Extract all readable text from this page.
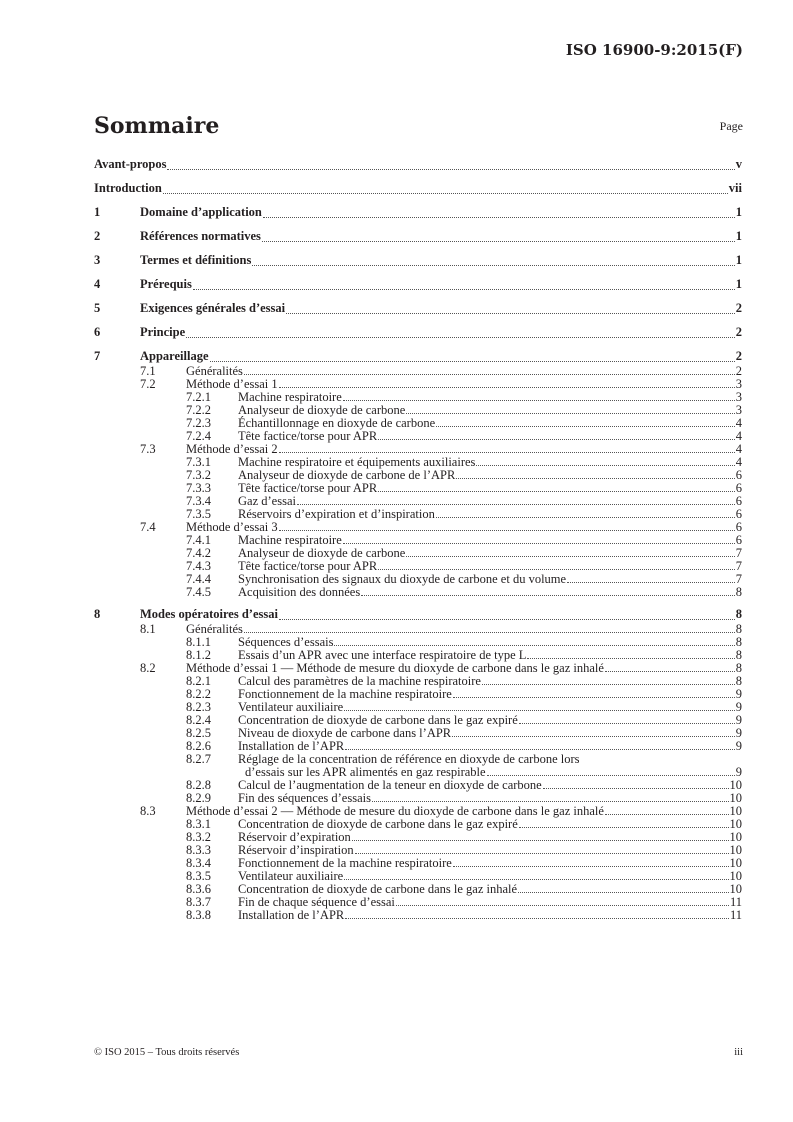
ISO 16900-9:2015(F)
Sommaire	Page
Avant-propos	v
Introduction	vii
1	Domaine d’application	1
2	Références normatives	1
3	Termes et définitions	1
4	Prérequis	1
5	Exigences générales d’essai	2
6	Principe	2
7	Appareillage	2
7.1 Généralités	2
7.2 Méthode d’essai 1	3
7.2.1 Machine respiratoire	3
7.2.2 Analyseur de dioxyde de carbone	3
7.2.3 Échantillonnage en dioxyde de carbone	4
7.2.4 Tête factice/torse pour APR	4
7.3 Méthode d’essai 2	4
7.3.1 Machine respiratoire et équipements auxiliaires	4
7.3.2 Analyseur de dioxyde de carbone de l’APR	6
7.3.3 Tête factice/torse pour APR	6
7.3.4 Gaz d’essai	6
7.3.5 Réservoirs d’expiration et d’inspiration	6
7.4 Méthode d’essai 3	6
7.4.1 Machine respiratoire	6
7.4.2 Analyseur de dioxyde de carbone	7
7.4.3 Tête factice/torse pour APR	7
7.4.4 Synchronisation des signaux du dioxyde de carbone et du volume	7
7.4.5 Acquisition des données	8
8	Modes opératoires d’essai	8
8.1 Généralités	8
8.1.1 Séquences d’essais	8
8.1.2 Essais d’un APR avec une interface respiratoire de type L	8
8.2 Méthode d’essai 1 — Méthode de mesure du dioxyde de carbone dans le gaz inhalé	8
8.2.1 Calcul des paramètres de la machine respiratoire	8
8.2.2 Fonctionnement de la machine respiratoire	9
8.2.3 Ventilateur auxiliaire	9
8.2.4 Concentration de dioxyde de carbone dans le gaz expiré	9
8.2.5 Niveau de dioxyde de carbone dans l’APR	9
8.2.6 Installation de l’APR	9
8.2.7 Réglage de la concentration de référence en dioxyde de carbone lors
d’essais sur les APR alimentés en gaz respirable	9
8.2.8 Calcul de l’augmentation de la teneur en dioxyde de carbone	10
8.2.9 Fin des séquences d’essais	10
8.3 Méthode d’essai 2 — Méthode de mesure du dioxyde de carbone dans le gaz inhalé	10
8.3.1 Concentration de dioxyde de carbone dans le gaz expiré	10
8.3.2 Réservoir d’expiration	10
8.3.3 Réservoir d’inspiration	10
8.3.4 Fonctionnement de la machine respiratoire	10
8.3.5 Ventilateur auxiliaire	10
8.3.6 Concentration de dioxyde de carbone dans le gaz inhalé	10
8.3.7 Fin de chaque séquence d’essai	11
8.3.8 Installation de l’APR	11
© ISO 2015 – Tous droits réservés	iii
